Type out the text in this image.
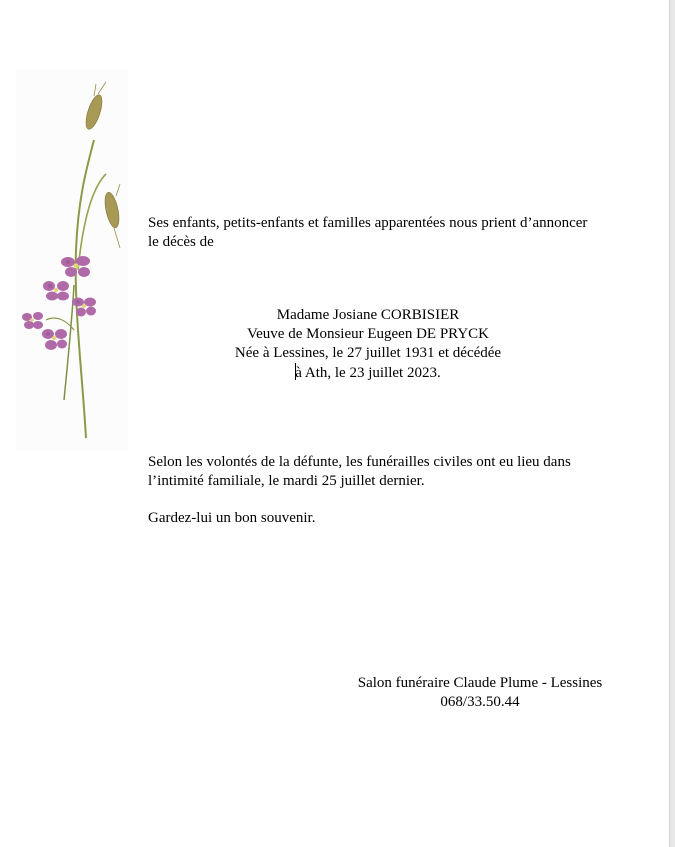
Ses enfants, petits-enfants et familles apparentées nous prient d’annoncer
le décès de
Madame Josiane CORBISIER
Veuve de Monsieur Eugeen DE PRYCK
Née à Lessines, le 27 juillet 1931 et décédée
à Ath, le 23 juillet 2023.
Selon les volontés de la défunte, les funérailles civiles ont eu lieu dans
l’intimité familiale, le mardi 25 juillet dernier.
Gardez-lui un bon souvenir.
Salon funéraire Claude Plume - Lessines
068/33.50.44
